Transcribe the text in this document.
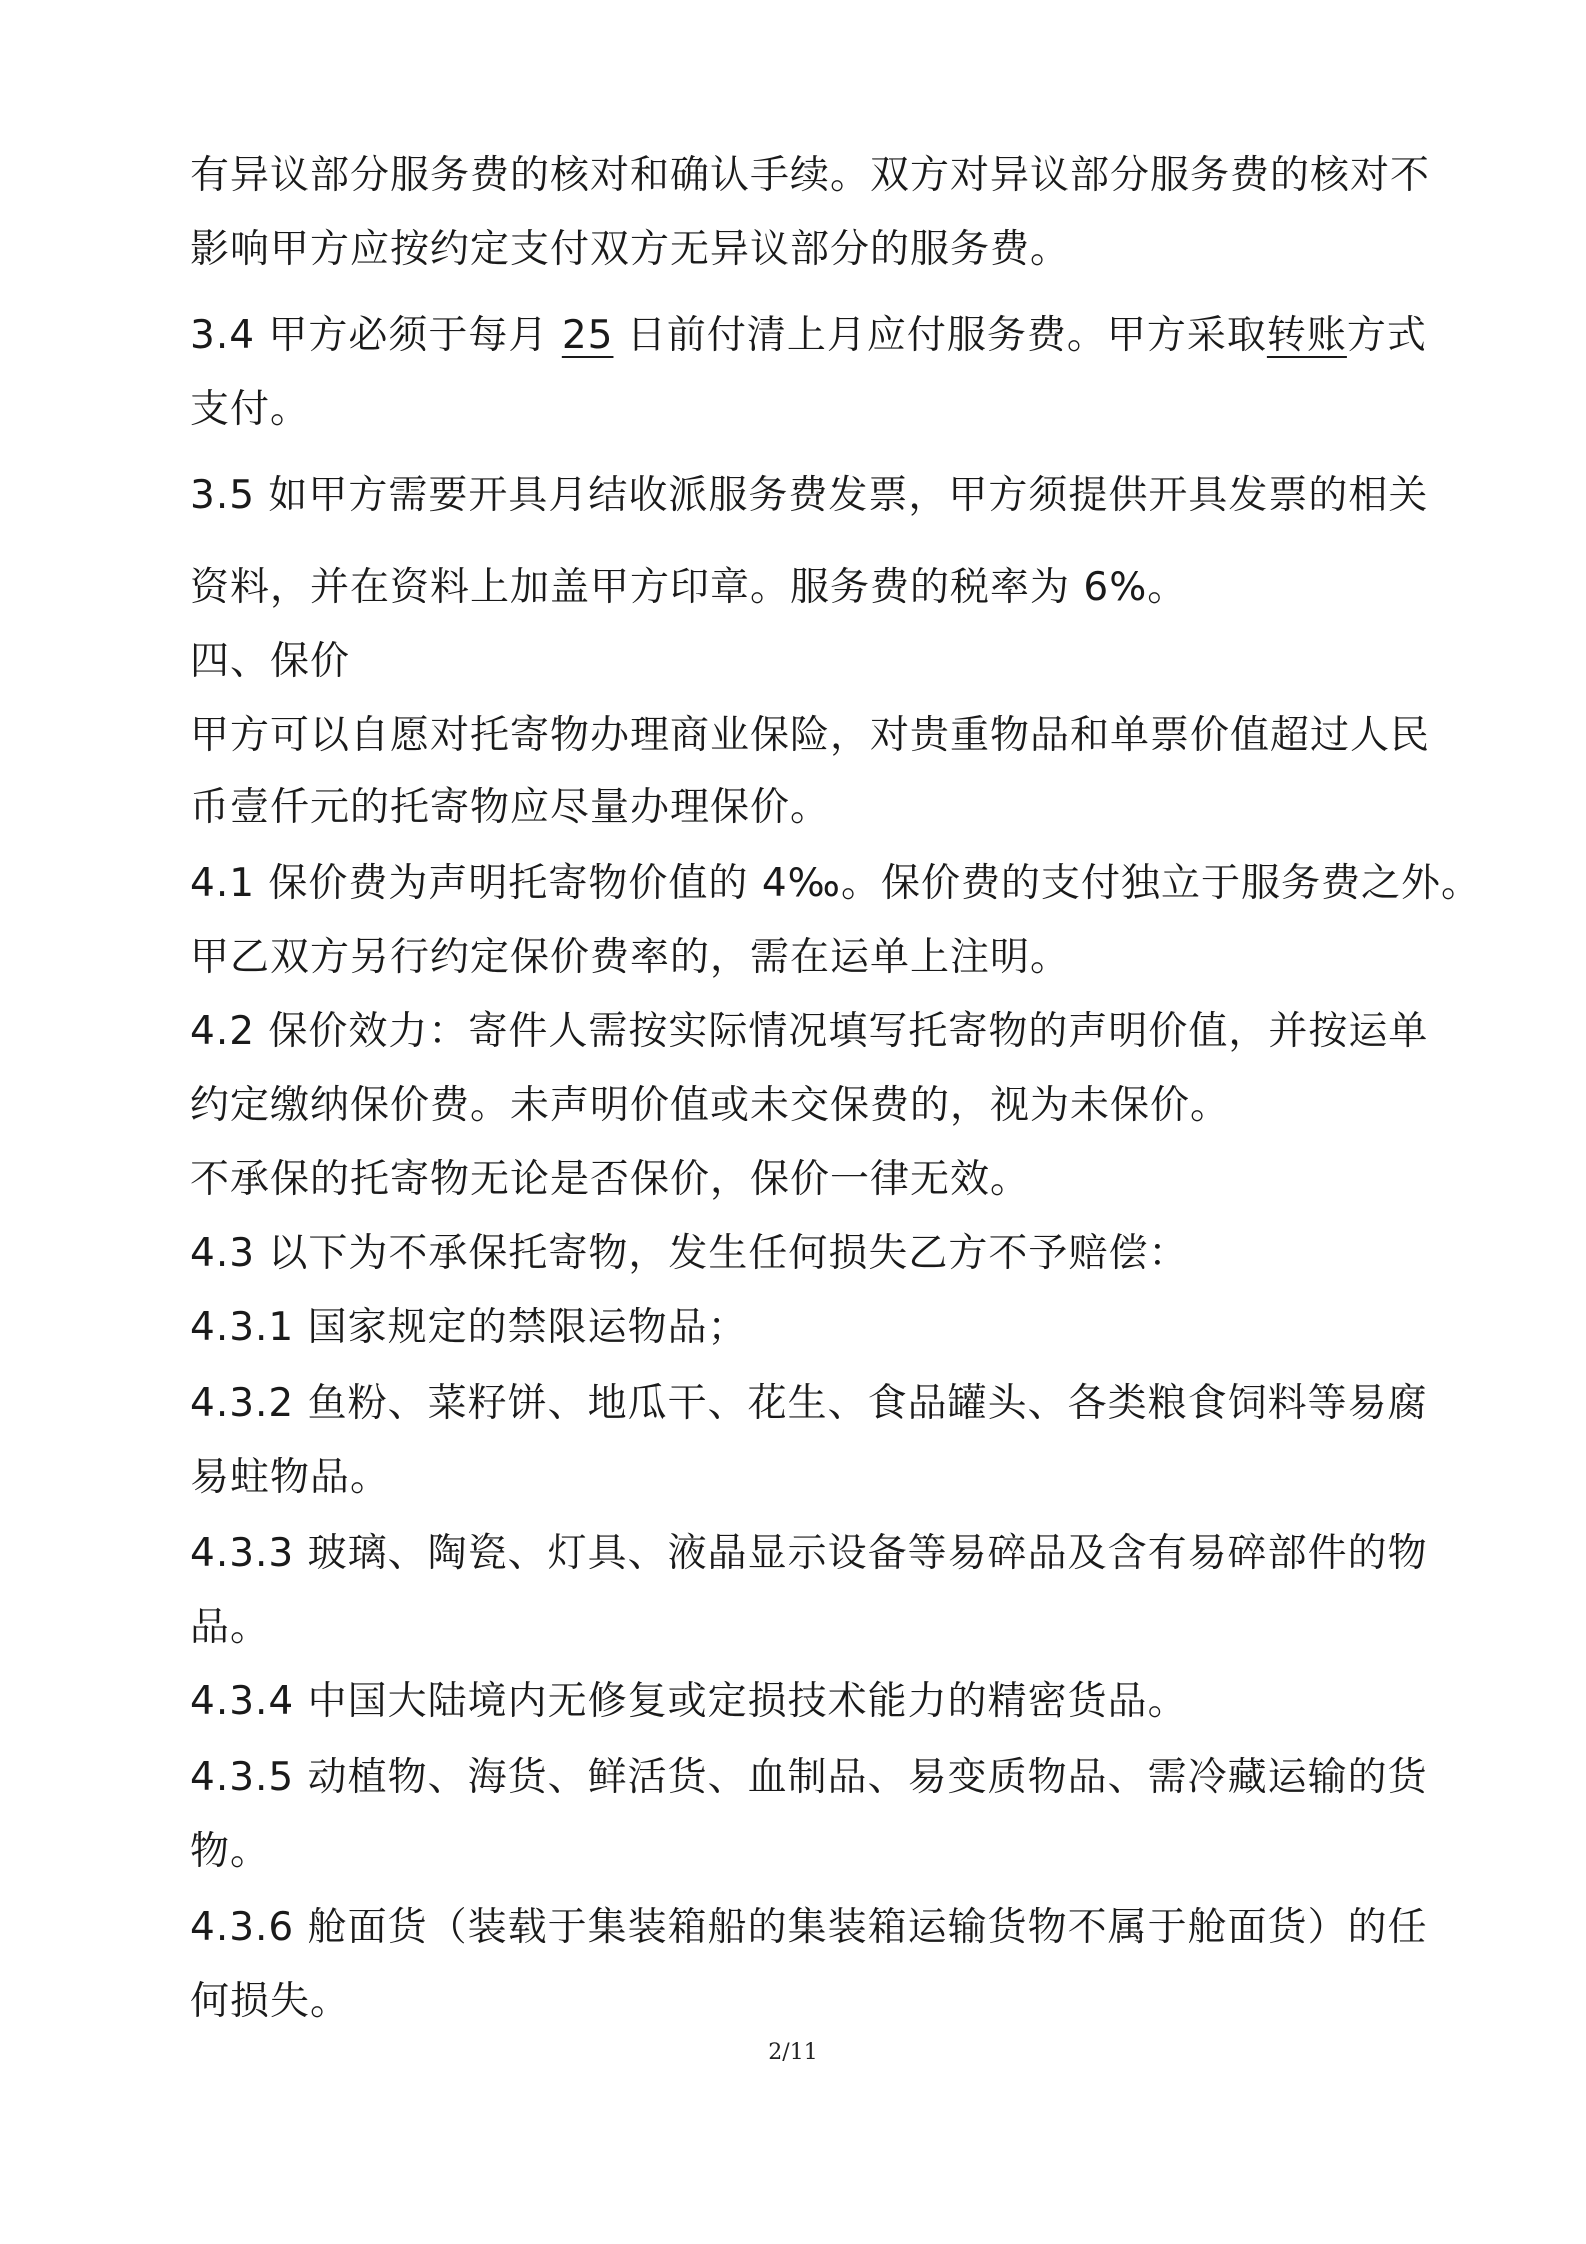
有异议部分服务费的核对和确认手续。双方对异议部分服务费的核对不
影响甲方应按约定支付双方无异议部分的服务费。
3.4 甲方必须于每月 25 日前付清上月应付服务费。甲方采取转账方式
支付。
3.5 如甲方需要开具月结收派服务费发票，甲方须提供开具发票的相关
资料，并在资料上加盖甲方印章。服务费的税率为 6%。
四、保价
甲方可以自愿对托寄物办理商业保险，对贵重物品和单票价值超过人民
币壹仟元的托寄物应尽量办理保价。
4.1 保价费为声明托寄物价值的 4‰。保价费的支付独立于服务费之外。
甲乙双方另行约定保价费率的，需在运单上注明。
4.2 保价效力：寄件人需按实际情况填写托寄物的声明价值，并按运单
约定缴纳保价费。未声明价值或未交保费的，视为未保价。
不承保的托寄物无论是否保价，保价一律无效。
4.3 以下为不承保托寄物，发生任何损失乙方不予赔偿：
4.3.1 国家规定的禁限运物品；
4.3.2 鱼粉、菜籽饼、地瓜干、花生、食品罐头、各类粮食饲料等易腐
易蛀物品。
4.3.3 玻璃、陶瓷、灯具、液晶显示设备等易碎品及含有易碎部件的物
品。
4.3.4 中国大陆境内无修复或定损技术能力的精密货品。
4.3.5 动植物、海货、鲜活货、血制品、易变质物品、需冷藏运输的货
物。
4.3.6 舱面货（装载于集装箱船的集装箱运输货物不属于舱面货）的任
何损失。
2/11
